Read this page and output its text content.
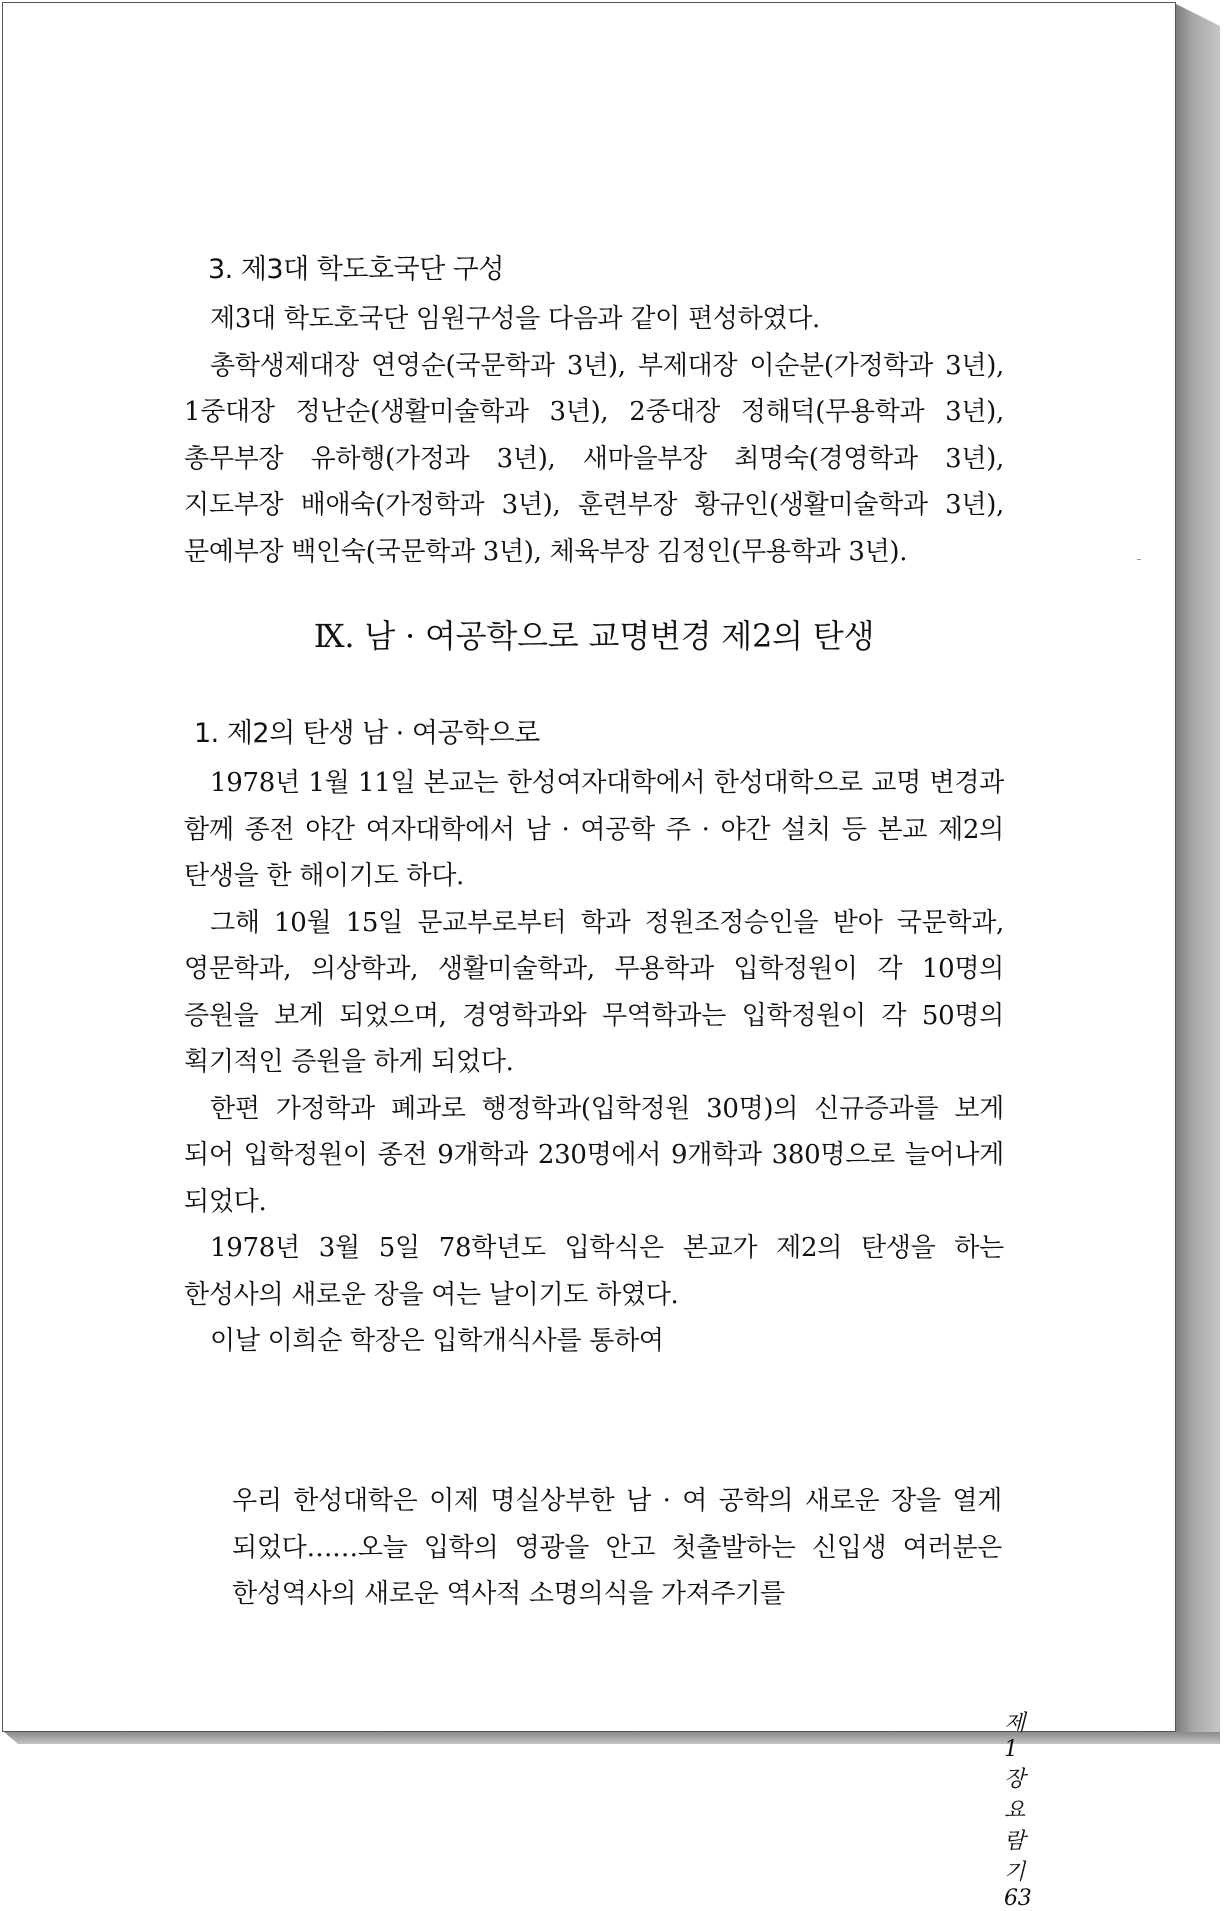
3. 제3대 학도호국단 구성

제3대 학도호국단 임원구성을 다음과 같이 편성하였다.

총학생제대장 연영순(국문학과 3년), 부제대장 이순분(가정학과 3년), 1중대장 정난순(생활미술학과 3년), 2중대장 정해덕(무용학과 3년), 총무부장 유하행(가정과 3년), 새마을부장 최명숙(경영학과 3년), 지도부장 배애숙(가정학과 3년), 훈련부장 황규인(생활미술학과 3년), 문예부장 백인숙(국문학과 3년), 체육부장 김정인(무용학과 3년).

Ⅸ. 남 · 여공학으로 교명변경 제2의 탄생
1. 제2의 탄생 남 · 여공학으로

1978년 1월 11일 본교는 한성여자대학에서 한성대학으로 교명 변경과 함께 종전 야간 여자대학에서 남 · 여공학 주 · 야간 설치 등 본교 제2의 탄생을 한 해이기도 하다.

그해 10월 15일 문교부로부터 학과 정원조정승인을 받아 국문학과, 영문학과, 의상학과, 생활미술학과, 무용학과 입학정원이 각 10명의 증원을 보게 되었으며, 경영학과와 무역학과는 입학정원이 각 50명의 획기적인 증원을 하게 되었다.

한편 가정학과 폐과로 행정학과(입학정원 30명)의 신규증과를 보게 되어 입학정원이 종전 9개학과 230명에서 9개학과 380명으로 늘어나게 되었다.

1978년 3월 5일 78학년도 입학식은 본교가 제2의 탄생을 하는 한성사의 새로운 장을 여는 날이기도 하였다.

이날 이희순 학장은 입학개식사를 통하여

우리 한성대학은 이제 명실상부한 남 · 여 공학의 새로운 장을 열게 되었다……오늘 입학의 영광을 안고 첫출발하는 신입생 여러분은 한성역사의 새로운 역사적 소명의식을 가져주기를

제1장 요람기 63
